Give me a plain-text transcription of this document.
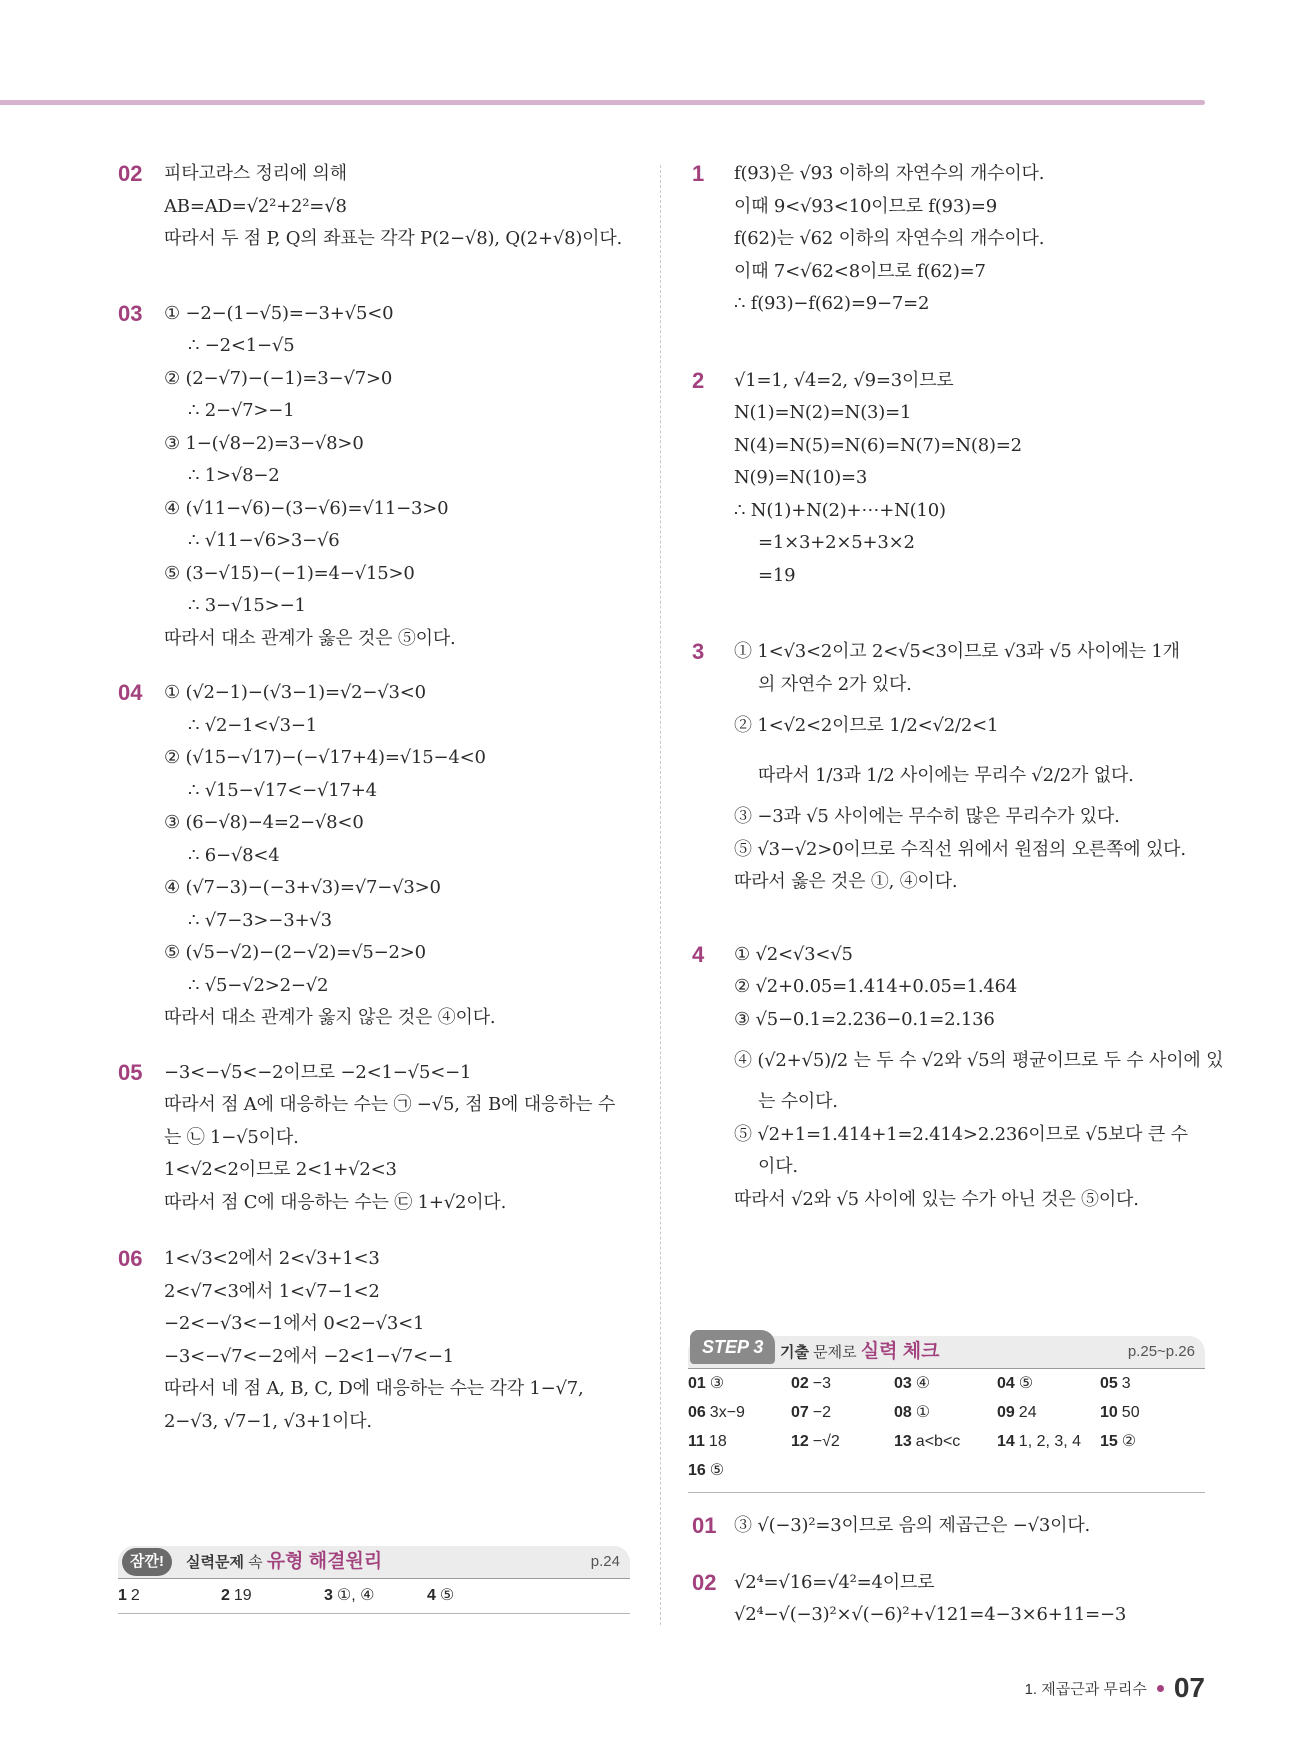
02 피타고라스 정리에 의해
AB=AD=√2²+2²=√8
따라서 두 점 P, Q의 좌표는 각각 P(2−√8), Q(2+√8)이다.
03 ① −2−(1−√5)=−3+√5<0
∴ −2<1−√5
② (2−√7)−(−1)=3−√7>0
∴ 2−√7>−1
③ 1−(√8−2)=3−√8>0
∴ 1>√8−2
④ (√11−√6)−(3−√6)=√11−3>0
∴ √11−√6>3−√6
⑤ (3−√15)−(−1)=4−√15>0
∴ 3−√15>−1
따라서 대소 관계가 옳은 것은 ⑤이다.
04 ① (√2−1)−(√3−1)=√2−√3<0
∴ √2−1<√3−1
② (√15−√17)−(−√17+4)=√15−4<0
∴ √15−√17<−√17+4
③ (6−√8)−4=2−√8<0
∴ 6−√8<4
④ (√7−3)−(−3+√3)=√7−√3>0
∴ √7−3>−3+√3
⑤ (√5−√2)−(2−√2)=√5−2>0
∴ √5−√2>2−√2
따라서 대소 관계가 옳지 않은 것은 ④이다.
05 −3<−√5<−2이므로 −2<1−√5<−1
따라서 점 A에 대응하는 수는 ㉠ −√5, 점 B에 대응하는 수
는 ㉡ 1−√5이다.
1<√2<2이므로 2<1+√2<3
따라서 점 C에 대응하는 수는 ㉢ 1+√2이다.
06 1<√3<2에서 2<√3+1<3
2<√7<3에서 1<√7−1<2
−2<−√3<−1에서 0<2−√3<1
−3<−√7<−2에서 −2<1−√7<−1
따라서 네 점 A, B, C, D에 대응하는 수는 각각 1−√7,
2−√3, √7−1, √3+1이다.
1 f(93)은 √93 이하의 자연수의 개수이다.
이때 9<√93<10이므로 f(93)=9
f(62)는 √62 이하의 자연수의 개수이다.
이때 7<√62<8이므로 f(62)=7
∴ f(93)−f(62)=9−7=2
2 √1=1, √4=2, √9=3이므로
N(1)=N(2)=N(3)=1
N(4)=N(5)=N(6)=N(7)=N(8)=2
N(9)=N(10)=3
∴ N(1)+N(2)+⋯+N(10)
=1×3+2×5+3×2
=19
3 ① 1<√3<2이고 2<√5<3이므로 √3과 √5 사이에는 1개
의 자연수 2가 있다.
② 1<√2<2이므로 1/2<√2/2<1
따라서 1/3과 1/2 사이에는 무리수 √2/2가 없다.
③ −3과 √5 사이에는 무수히 많은 무리수가 있다.
⑤ √3−√2>0이므로 수직선 위에서 원점의 오른쪽에 있다.
따라서 옳은 것은 ①, ④이다.
4 ① √2<√3<√5
② √2+0.05=1.414+0.05=1.464
③ √5−0.1=2.236−0.1=2.136
④ (√2+√5)/2 는 두 수 √2와 √5의 평균이므로 두 수 사이에 있
는 수이다.
⑤ √2+1=1.414+1=2.414>2.236이므로 √5보다 큰 수
이다.
따라서 √2와 √5 사이에 있는 수가 아닌 것은 ⑤이다.
잠깐!	실력문제 속 유형 해결원리	p.24
1 2	2 19	3 ①, ④	4 ⑤
STEP 3	기출 문제로 실력 체크	p.25~p.26
01 ③	02 −3	03 ④	04 ⑤	05 3
06 3x−9	07 −2	08 ①	09 24	10 50
11 18	12 −√2	13 a<b<c	14 1, 2, 3, 4	15 ②
16 ⑤
01 ③ √(−3)²=3이므로 음의 제곱근은 −√3이다.
02 √2⁴=√16=√4²=4이므로
√2⁴−√(−3)²×√(−6)²+√121=4−3×6+11=−3
1. 제곱근과 무리수 07
